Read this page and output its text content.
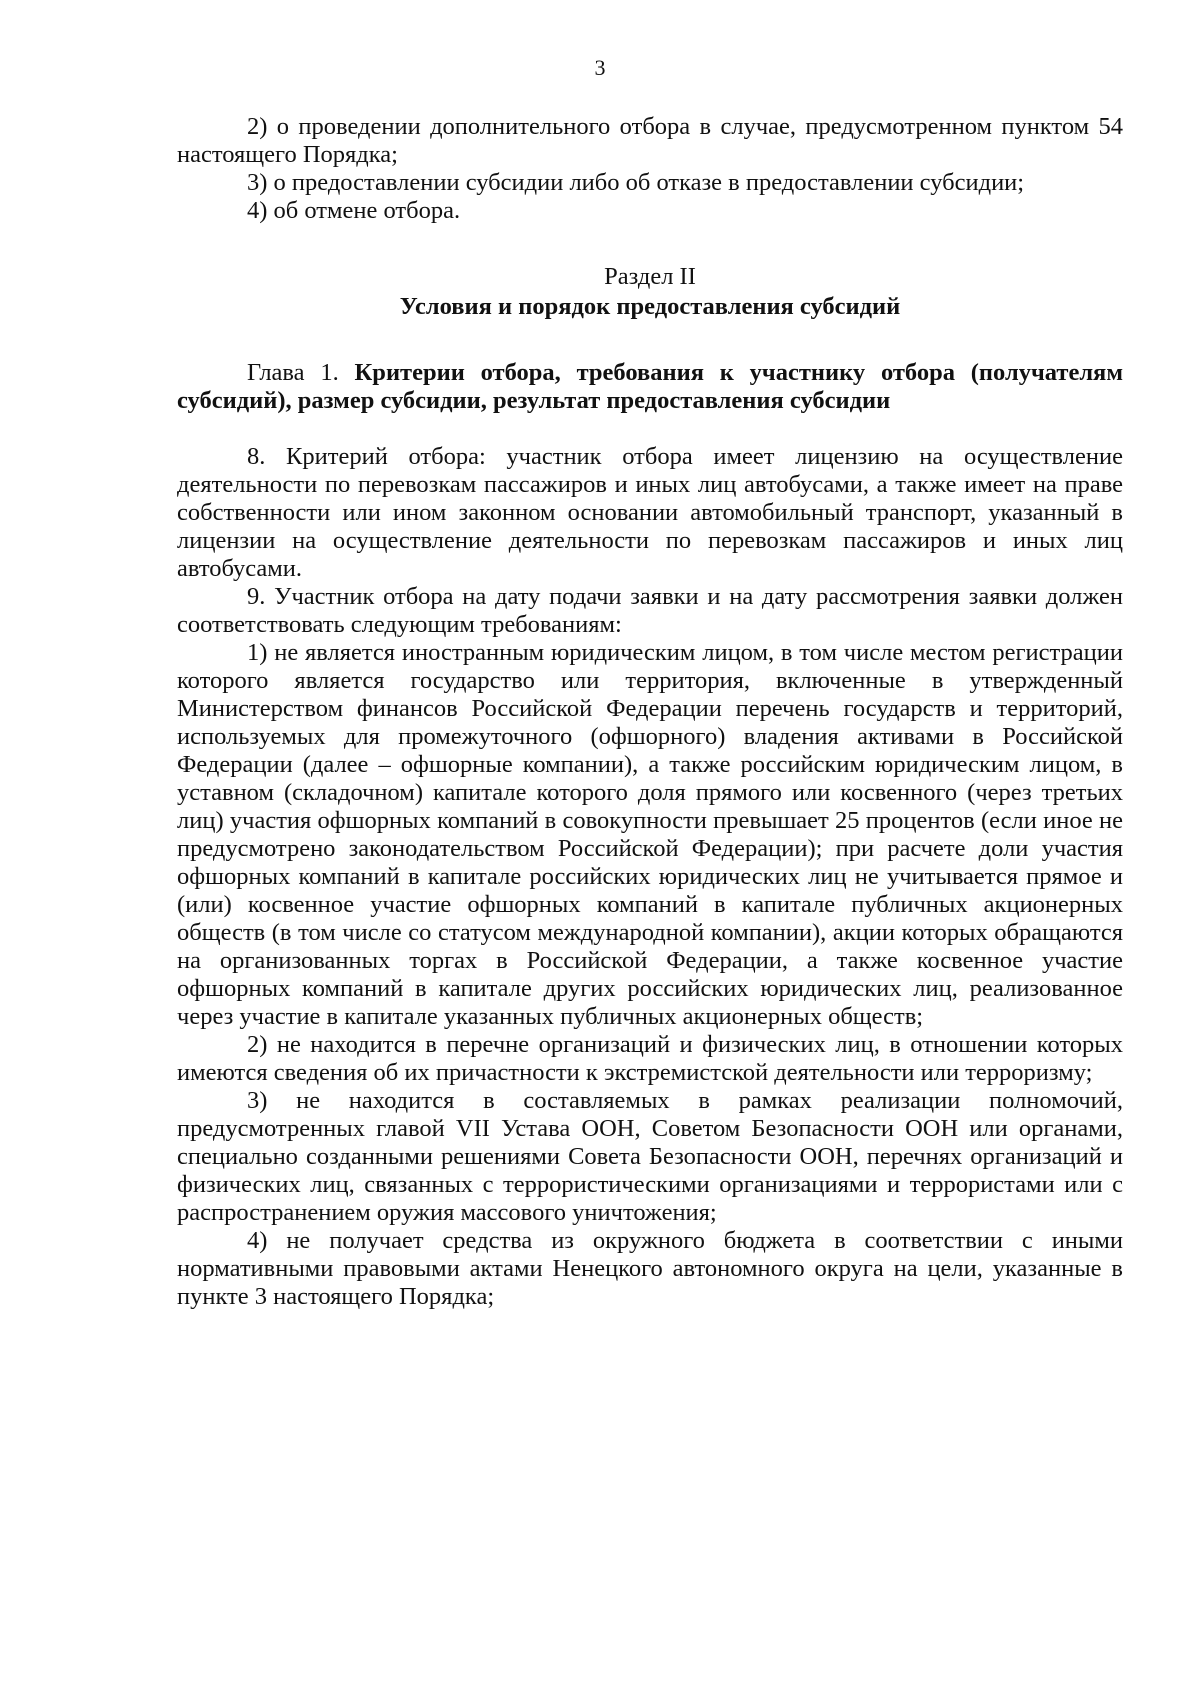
3

2) о проведении дополнительного отбора в случае, предусмотренном пунктом 54 настоящего Порядка;

3) о предоставлении субсидии либо об отказе в предоставлении субсидии;

4) об отмене отбора.

Раздел II

Условия и порядок предоставления субсидий

Глава 1. Критерии отбора, требования к участнику отбора (получателям субсидий), размер субсидии, результат предоставления субсидии

8. Критерий отбора: участник отбора имеет лицензию на осуществление деятельности по перевозкам пассажиров и иных лиц автобусами, а также имеет на праве собственности или ином законном основании автомобильный транспорт, указанный в лицензии на осуществление деятельности по перевозкам пассажиров и иных лиц автобусами.

9. Участник отбора на дату подачи заявки и на дату рассмотрения заявки должен соответствовать следующим требованиям:

1) не является иностранным юридическим лицом, в том числе местом регистрации которого является государство или территория, включенные в утвержденный Министерством финансов Российской Федерации перечень государств и территорий, используемых для промежуточного (офшорного) владения активами в Российской Федерации (далее – офшорные компании), а также российским юридическим лицом, в уставном (складочном) капитале которого доля прямого или косвенного (через третьих лиц) участия офшорных компаний в совокупности превышает 25 процентов (если иное не предусмотрено законодательством Российской Федерации); при расчете доли участия офшорных компаний в капитале российских юридических лиц не учитывается прямое и (или) косвенное участие офшорных компаний в капитале публичных акционерных обществ (в том числе со статусом международной компании), акции которых обращаются на организованных торгах в Российской Федерации, а также косвенное участие офшорных компаний в капитале других российских юридических лиц, реализованное через участие в капитале указанных публичных акционерных обществ;

2) не находится в перечне организаций и физических лиц, в отношении которых имеются сведения об их причастности к экстремистской деятельности или терроризму;

3) не находится в составляемых в рамках реализации полномочий, предусмотренных главой VII Устава ООН, Советом Безопасности ООН или органами, специально созданными решениями Совета Безопасности ООН, перечнях организаций и физических лиц, связанных с террористическими организациями и террористами или с распространением оружия массового уничтожения;

4) не получает средства из окружного бюджета в соответствии с иными нормативными правовыми актами Ненецкого автономного округа на цели, указанные в пункте 3 настоящего Порядка;
